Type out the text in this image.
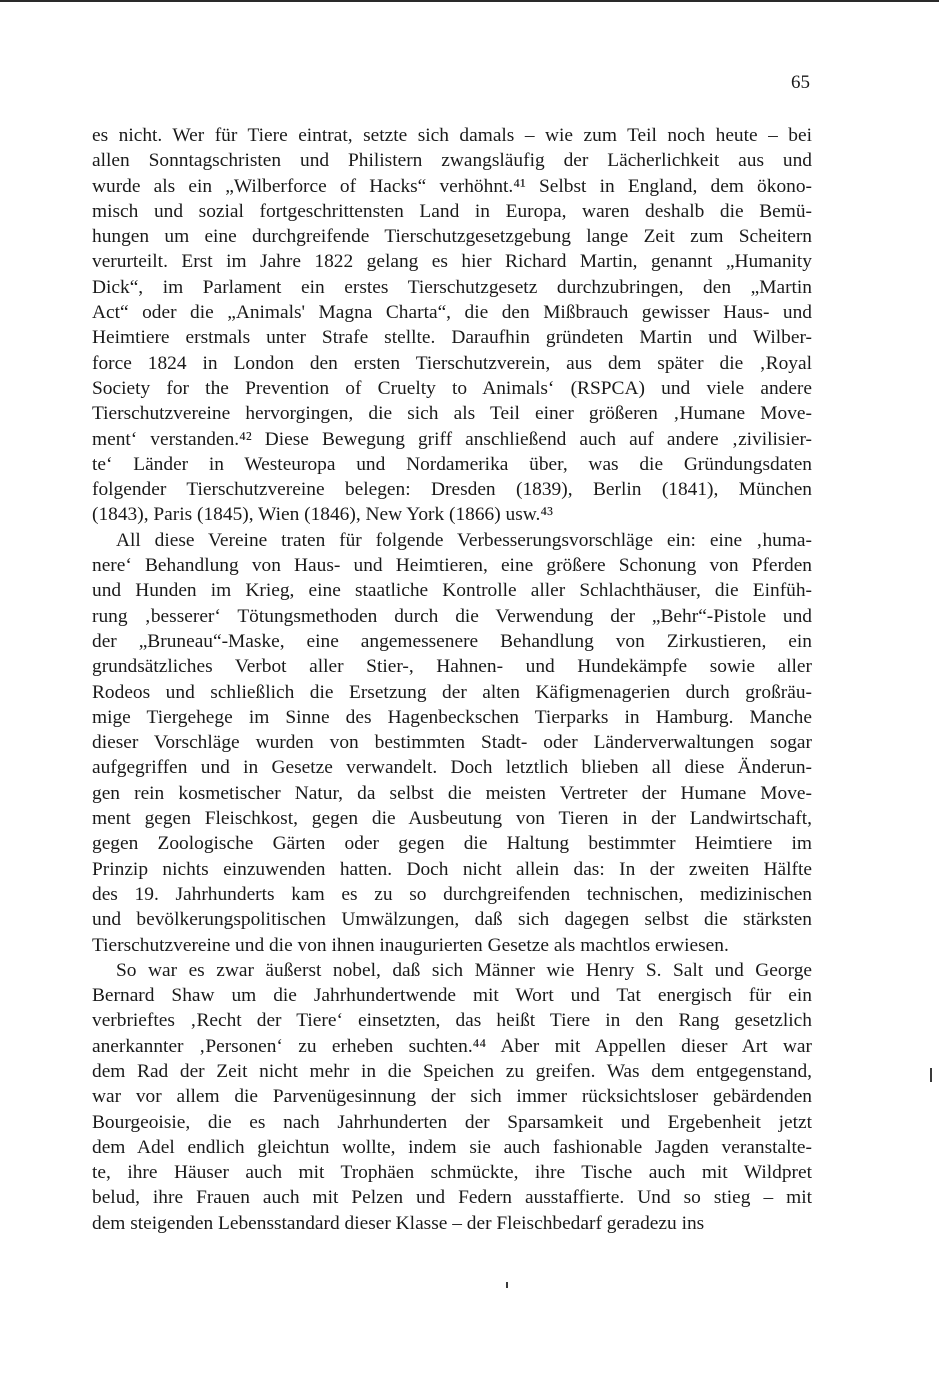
65
es nicht. Wer für Tiere eintrat, setzte sich damals – wie zum Teil noch heute – bei
allen Sonntagschristen und Philistern zwangsläufig der Lächerlichkeit aus und
wurde als ein „Wilberforce of Hacks“ verhöhnt.⁴¹ Selbst in England, dem ökono-
misch und sozial fortgeschrittensten Land in Europa, waren deshalb die Bemü-
hungen um eine durchgreifende Tierschutzgesetzgebung lange Zeit zum Scheitern
verurteilt. Erst im Jahre 1822 gelang es hier Richard Martin, genannt „Humanity
Dick“, im Parlament ein erstes Tierschutzgesetz durchzubringen, den „Martin
Act“ oder die „Animals' Magna Charta“, die den Mißbrauch gewisser Haus- und
Heimtiere erstmals unter Strafe stellte. Daraufhin gründeten Martin und Wilber-
force 1824 in London den ersten Tierschutzverein, aus dem später die ‚Royal
Society for the Prevention of Cruelty to Animals‘ (RSPCA) und viele andere
Tierschutzvereine hervorgingen, die sich als Teil einer größeren ‚Humane Move-
ment‘ verstanden.⁴² Diese Bewegung griff anschließend auch auf andere ‚zivilisier-
te‘ Länder in Westeuropa und Nordamerika über, was die Gründungsdaten
folgender Tierschutzvereine belegen: Dresden (1839), Berlin (1841), München
(1843), Paris (1845), Wien (1846), New York (1866) usw.⁴³
All diese Vereine traten für folgende Verbesserungsvorschläge ein: eine ‚huma-
nere‘ Behandlung von Haus- und Heimtieren, eine größere Schonung von Pferden
und Hunden im Krieg, eine staatliche Kontrolle aller Schlachthäuser, die Einfüh-
rung ‚besserer‘ Tötungsmethoden durch die Verwendung der „Behr“-Pistole und
der „Bruneau“-Maske, eine angemessenere Behandlung von Zirkustieren, ein
grundsätzliches Verbot aller Stier-, Hahnen- und Hundekämpfe sowie aller
Rodeos und schließlich die Ersetzung der alten Käfigmenagerien durch großräu-
mige Tiergehege im Sinne des Hagenbeckschen Tierparks in Hamburg. Manche
dieser Vorschläge wurden von bestimmten Stadt- oder Länderverwaltungen sogar
aufgegriffen und in Gesetze verwandelt. Doch letztlich blieben all diese Änderun-
gen rein kosmetischer Natur, da selbst die meisten Vertreter der Humane Move-
ment gegen Fleischkost, gegen die Ausbeutung von Tieren in der Landwirtschaft,
gegen Zoologische Gärten oder gegen die Haltung bestimmter Heimtiere im
Prinzip nichts einzuwenden hatten. Doch nicht allein das: In der zweiten Hälfte
des 19. Jahrhunderts kam es zu so durchgreifenden technischen, medizinischen
und bevölkerungspolitischen Umwälzungen, daß sich dagegen selbst die stärksten
Tierschutzvereine und die von ihnen inaugurierten Gesetze als machtlos erwiesen.
So war es zwar äußerst nobel, daß sich Männer wie Henry S. Salt und George
Bernard Shaw um die Jahrhundertwende mit Wort und Tat energisch für ein
verbrieftes ‚Recht der Tiere‘ einsetzten, das heißt Tiere in den Rang gesetzlich
anerkannter ‚Personen‘ zu erheben suchten.⁴⁴ Aber mit Appellen dieser Art war
dem Rad der Zeit nicht mehr in die Speichen zu greifen. Was dem entgegenstand,
war vor allem die Parvenügesinnung der sich immer rücksichtsloser gebärdenden
Bourgeoisie, die es nach Jahrhunderten der Sparsamkeit und Ergebenheit jetzt
dem Adel endlich gleichtun wollte, indem sie auch fashionable Jagden veranstalte-
te, ihre Häuser auch mit Trophäen schmückte, ihre Tische auch mit Wildpret
belud, ihre Frauen auch mit Pelzen und Federn ausstaffierte. Und so stieg – mit
dem steigenden Lebensstandard dieser Klasse – der Fleischbedarf geradezu ins
